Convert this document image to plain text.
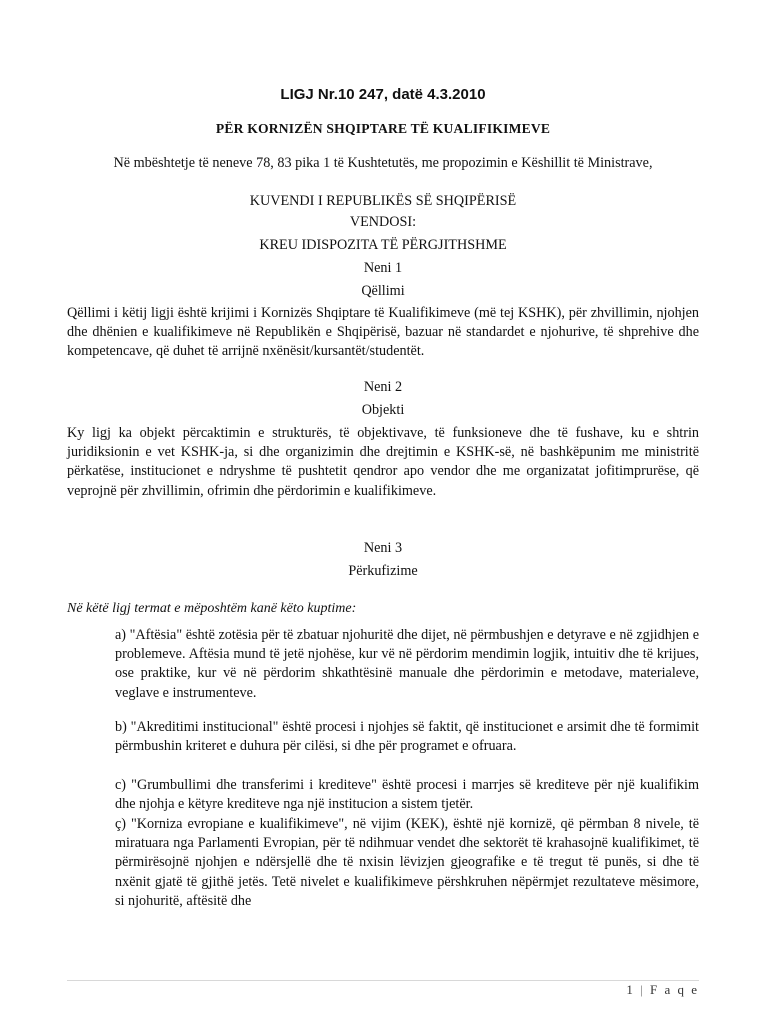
LIGJ Nr.10 247, datë 4.3.2010
PËR KORNIZËN SHQIPTARE TË KUALIFIKIMEVE
Në mbështetje të neneve 78, 83 pika 1 të Kushtetutës, me propozimin e Këshillit të Ministrave,
KUVENDI I REPUBLIKËS SË SHQIPËRISË
VENDOSI:
KREU IDISPOZITA TË PËRGJITHSHME
Neni 1
Qëllimi
Qëllimi i këtij ligji është krijimi i Kornizës Shqiptare të Kualifikimeve (më tej KSHK), për zhvillimin, njohjen dhe dhënien e kualifikimeve në Republikën e Shqipërisë, bazuar në standardet e njohurive, të shprehive dhe kompetencave, që duhet të arrijnë nxënësit/kursantët/studentët.
Neni 2
Objekti
Ky ligj ka objekt përcaktimin e strukturës, të objektivave, të funksioneve dhe të fushave, ku e shtrin juridiksionin e vet KSHK-ja, si dhe organizimin dhe drejtimin e KSHK-së, në bashkëpunim me ministritë përkatëse, institucionet e ndryshme të pushtetit qendror apo vendor dhe me organizatat jofitimprurëse, që veprojnë për zhvillimin, ofrimin dhe përdorimin e kualifikimeve.
Neni 3
Përkufizime
Në këtë ligj termat e mëposhtëm kanë këto kuptime:
a) "Aftësia" është zotësia për të zbatuar njohuritë dhe dijet, në përmbushjen e detyrave e në zgjidhjen e problemeve. Aftësia mund të jetë njohëse, kur vë në përdorim mendimin logjik, intuitiv dhe të krijues, ose praktike, kur vë në përdorim shkathtësinë manuale dhe përdorimin e metodave, materialeve, veglave e instrumenteve.
b) "Akreditimi institucional" është procesi i njohjes së faktit, që institucionet e arsimit dhe të formimit përmbushin kriteret e duhura për cilësi, si dhe për programet e ofruara.
c) "Grumbullimi dhe transferimi i krediteve" është procesi i marrjes së krediteve për një kualifikim dhe njohja e këtyre krediteve nga një institucion a sistem tjetër.
ç) "Korniza evropiane e kualifikimeve", në vijim (KEK), është një kornizë, që përmban 8 nivele, të miratuara nga Parlamenti Evropian, për të ndihmuar vendet dhe sektorët të krahasojnë kualifikimet, të përmirësojnë njohjen e ndërsjellë dhe të nxisin lëvizjen gjeografike e të tregut të punës, si dhe të nxënit gjatë të gjithë jetës. Tetë nivelet e kualifikimeve përshkruhen nëpërmjet rezultateve mësimore, si njohuritë, aftësitë dhe
1 | F a q e
